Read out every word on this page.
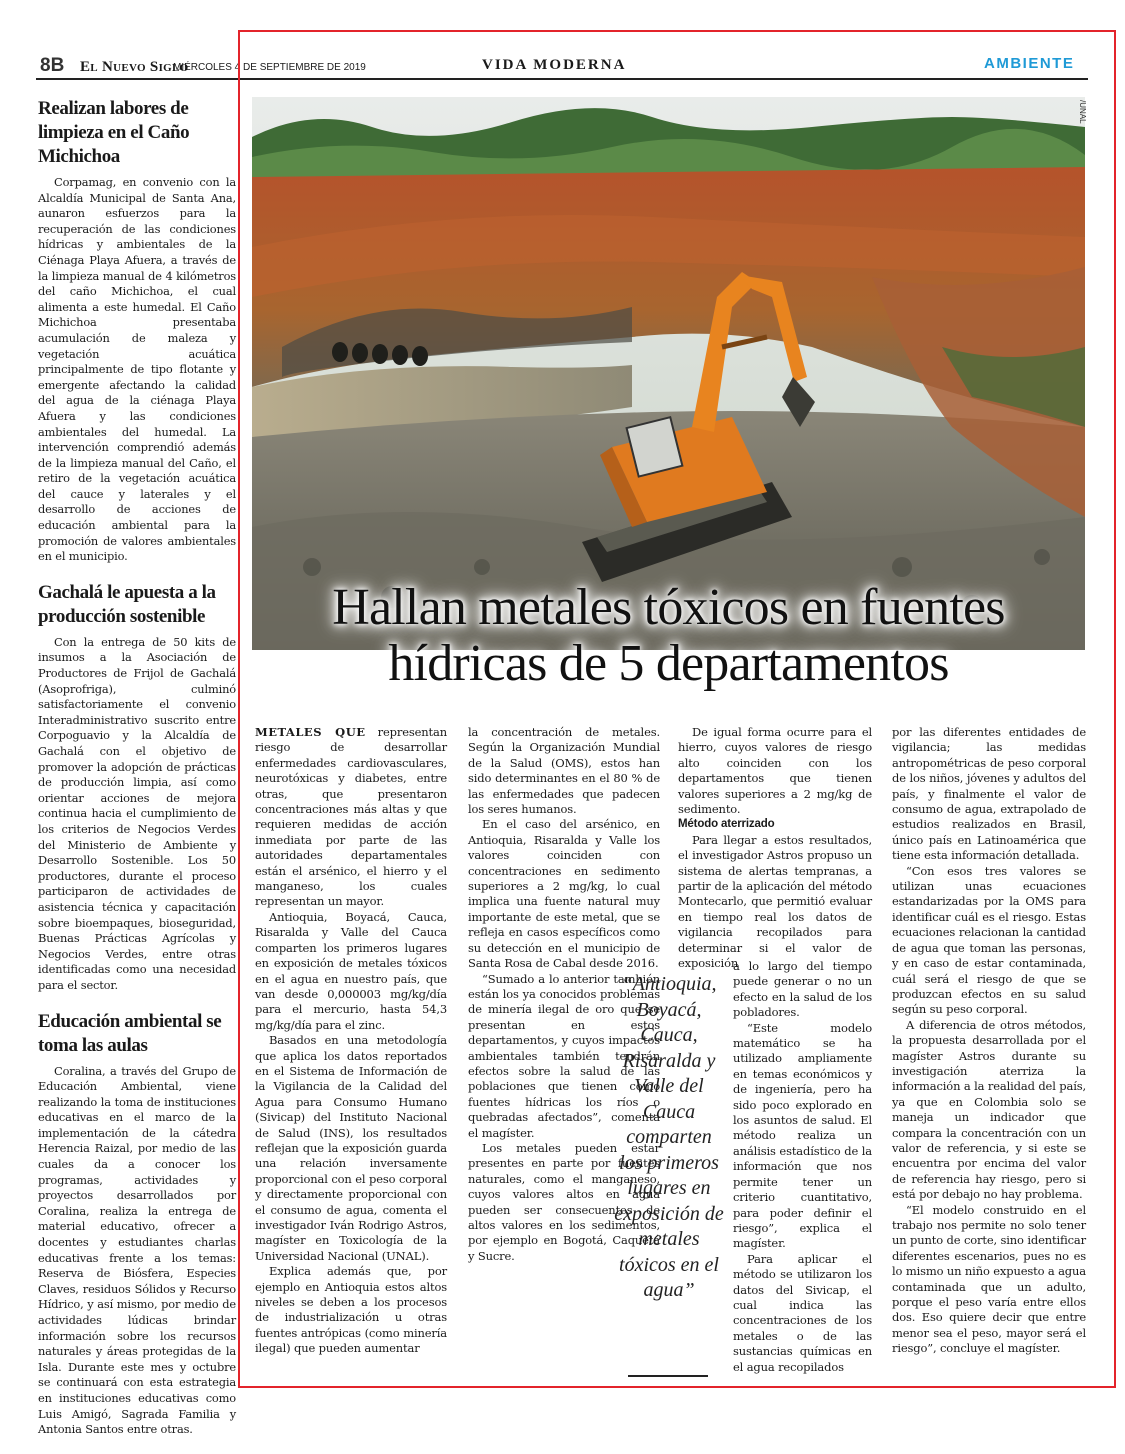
8B El Nuevo Siglo
MIÉRCOLES 4 DE SEPTIEMBRE DE 2019	VIDA MODERNA	AMBIENTE
Realizan labores de limpieza en el Caño Michichoa

Corpamag, en convenio con la Alcaldía Municipal de Santa Ana, aunaron esfuerzos para la recuperación de las condiciones hídricas y ambientales de la Ciénaga Playa Afuera, a través de la limpieza manual de 4 kilómetros del caño Michichoa, el cual alimenta a este humedal. El Caño Michichoa presentaba acumulación de maleza y vegetación acuática principalmente de tipo flotante y emergente afectando la calidad del agua de la ciénaga Playa Afuera y las condiciones ambientales del humedal. La intervención comprendió además de la limpieza manual del Caño, el retiro de la vegetación acuática del cauce y laterales y el desarrollo de acciones de educación ambiental para la promoción de valores ambientales en el municipio.

Gachalá le apuesta a la producción sostenible

Con la entrega de 50 kits de insumos a la Asociación de Productores de Frijol de Gachalá (Asoprofriga), culminó satisfactoriamente el convenio Interadministrativo suscrito entre Corpoguavio y la Alcaldía de Gachalá con el objetivo de promover la adopción de prácticas de producción limpia, así como orientar acciones de mejora continua hacia el cumplimiento de los criterios de Negocios Verdes del Ministerio de Ambiente y Desarrollo Sostenible. Los 50 productores, durante el proceso participaron de actividades de asistencia técnica y capacitación sobre bioempaques, bioseguridad, Buenas Prácticas Agrícolas y Negocios Verdes, entre otras identificadas como una necesidad para el sector.

Educación ambiental se toma las aulas

Coralina, a través del Grupo de Educación Ambiental, viene realizando la toma de instituciones educativas en el marco de la implementación de la cátedra Herencia Raizal, por medio de las cuales da a conocer los programas, actividades y proyectos desarrollados por Coralina, realiza la entrega de material educativo, ofrecer a docentes y estudiantes charlas educativas frente a los temas: Reserva de Biósfera, Especies Claves, residuos Sólidos y Recurso Hídrico, y así mismo, por medio de actividades lúdicas brindar información sobre los recursos naturales y áreas protegidas de la Isla. Durante este mes y octubre se continuará con esta estrategia en instituciones educativas como Luis Amigó, Sagrada Familia y Antonia Santos entre otras.

/UNAL
Hallan metales tóxicos en fuentes hídricas de 5 departamentos

METALES QUE representan riesgo de desarrollar enfermedades cardiovasculares, neurotóxicas y diabetes, entre otras, que presentaron concentraciones más altas y que requieren medidas de acción inmediata por parte de las autoridades departamentales están el arsénico, el hierro y el manganeso, los cuales representan un mayor.

Antioquia, Boyacá, Cauca, Risaralda y Valle del Cauca comparten los primeros lugares en exposición de metales tóxicos en el agua en nuestro país, que van desde 0,000003 mg/kg/día para el mercurio, hasta 54,3 mg/kg/día para el zinc.

Basados en una metodología que aplica los datos reportados en el Sistema de Información de la Vigilancia de la Calidad del Agua para Consumo Humano (Sivicap) del Instituto Nacional de Salud (INS), los resultados reflejan que la exposición guarda una relación inversamente proporcional con el peso corporal y directamente proporcional con el consumo de agua, comenta el investigador Iván Rodrigo Astros, magíster en Toxicología de la Universidad Nacional (UNAL).

Explica además que, por ejemplo en Antioquia estos altos niveles se deben a los procesos de industrialización u otras fuentes antrópicas (como minería ilegal) que pueden aumentar

la concentración de metales. Según la Organización Mundial de la Salud (OMS), estos han sido determinantes en el 80 % de las enfermedades que padecen los seres humanos.

En el caso del arsénico, en Antioquia, Risaralda y Valle los valores coinciden con concentraciones en sedimento superiores a 2 mg/kg, lo cual implica una fuente natural muy importante de este metal, que se refleja en casos específicos como su detección en el municipio de Santa Rosa de Cabal desde 2016.

“Sumado a lo anterior también están los ya conocidos problemas de minería ilegal de oro que se presentan en estos departamentos, y cuyos impactos ambientales también tendrán efectos sobre la salud de las poblaciones que tienen como fuentes hídricas los ríos o quebradas afectados”, comenta el magíster.

Los metales pueden estar presentes en parte por fuentes naturales, como el manganeso, cuyos valores altos en agua pueden ser consecuentes de altos valores en los sedimentos, por ejemplo en Bogotá, Caquetá y Sucre.

De igual forma ocurre para el hierro, cuyos valores de riesgo alto coinciden con los departamentos que tienen valores superiores a 2 mg/kg de sedimento.

Método aterrizado

Para llegar a estos resultados, el investigador Astros propuso un sistema de alertas tempranas, a partir de la aplicación del método Montecarlo, que permitió evaluar en tiempo real los datos de vigilancia recopilados para determinar si el valor de exposición

a lo largo del tiempo puede generar o no un efecto en la salud de los pobladores.

“Este modelo matemático se ha utilizado ampliamente en temas económicos y de ingeniería, pero ha sido poco explorado en los asuntos de salud. El método realiza un análisis estadístico de la información que nos permite tener un criterio cuantitativo, para poder definir el riesgo”, explica el magíster.

Para aplicar el método se utilizaron los datos del Sivicap, el cual indica las concentraciones de los metales o de las sustancias químicas en el agua recopilados

“Antioquia, Boyacá, Cauca, Risaralda y Valle del Cauca comparten los primeros lugares en exposición de metales tóxicos en el agua”

por las diferentes entidades de vigilancia; las medidas antropométricas de peso corporal de los niños, jóvenes y adultos del país, y finalmente el valor de consumo de agua, extrapolado de estudios realizados en Brasil, único país en Latinoamérica que tiene esta información detallada.

“Con esos tres valores se utilizan unas ecuaciones estandarizadas por la OMS para identificar cuál es el riesgo. Estas ecuaciones relacionan la cantidad de agua que toman las personas, y en caso de estar contaminada, cuál será el riesgo de que se produzcan efectos en su salud según su peso corporal.

A diferencia de otros métodos, la propuesta desarrollada por el magíster Astros durante su investigación aterriza la información a la realidad del país, ya que en Colombia solo se maneja un indicador que compara la concentración con un valor de referencia, y si este se encuentra por encima del valor de referencia hay riesgo, pero si está por debajo no hay problema.

“El modelo construido en el trabajo nos permite no solo tener un punto de corte, sino identificar diferentes escenarios, pues no es lo mismo un niño expuesto a agua contaminada que un adulto, porque el peso varía entre ellos dos. Eso quiere decir que entre menor sea el peso, mayor será el riesgo”, concluye el magíster.
